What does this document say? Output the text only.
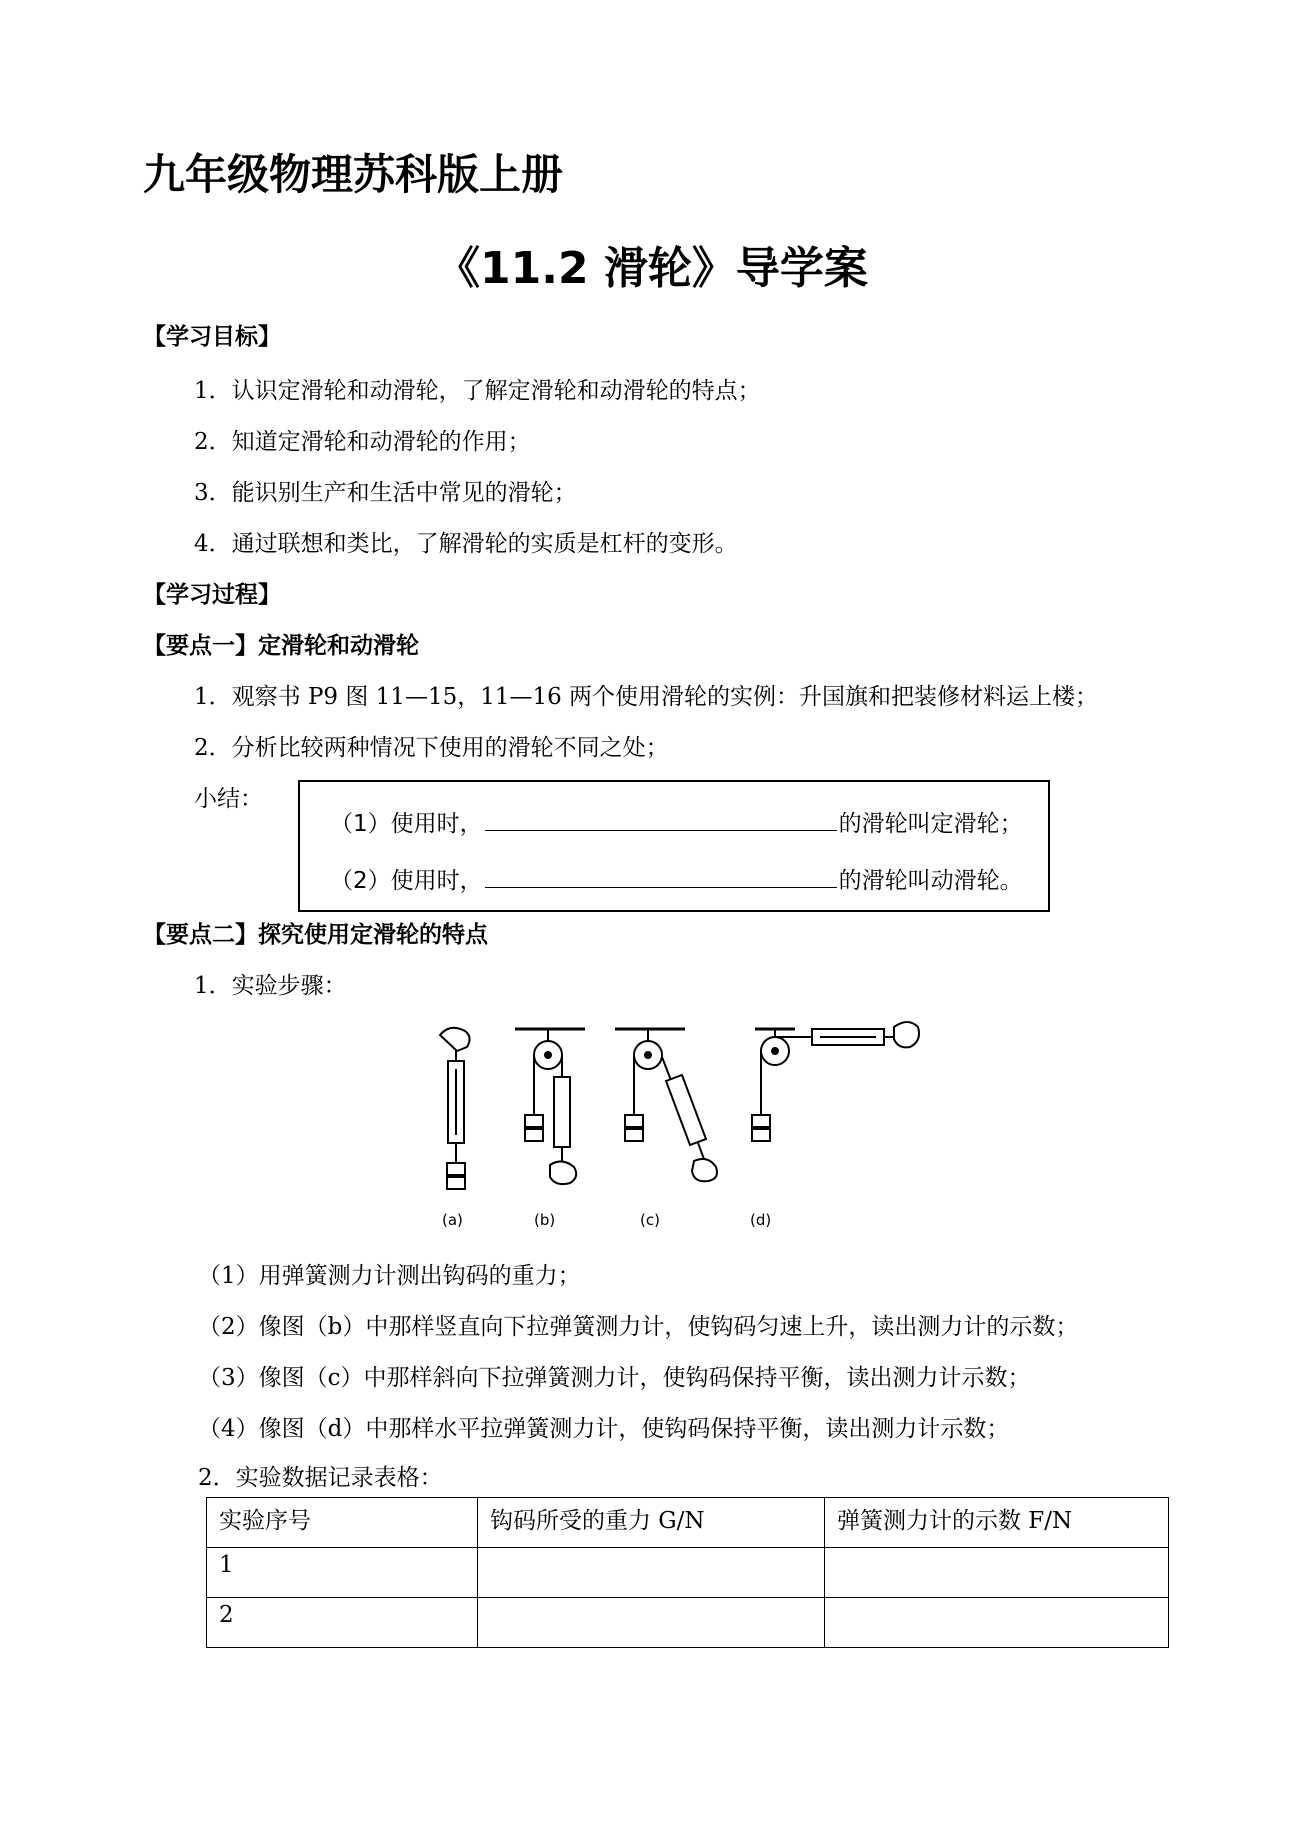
九年级物理苏科版上册
《11.2 滑轮》导学案
【学习目标】
1．认识定滑轮和动滑轮，了解定滑轮和动滑轮的特点；
2．知道定滑轮和动滑轮的作用；
3．能识别生产和生活中常见的滑轮；
4．通过联想和类比，了解滑轮的实质是杠杆的变形。
【学习过程】
【要点一】定滑轮和动滑轮
1．观察书 P9 图 11—15，11—16 两个使用滑轮的实例：升国旗和把装修材料运上楼；
2．分析比较两种情况下使用的滑轮不同之处；
小结：
（1）使用时，	的滑轮叫定滑轮；
（2）使用时，	的滑轮叫动滑轮。
【要点二】探究使用定滑轮的特点
1．实验步骤：
(a)	(b)	(c)	(d)
（1）用弹簧测力计测出钩码的重力；
（2）像图（b）中那样竖直向下拉弹簧测力计，使钩码匀速上升，读出测力计的示数；
（3）像图（c）中那样斜向下拉弹簧测力计，使钩码保持平衡，读出测力计示数；
（4）像图（d）中那样水平拉弹簧测力计，使钩码保持平衡，读出测力计示数；
2．实验数据记录表格：
实验序号	钩码所受的重力 G/N	弹簧测力计的示数 F/N
1		
2		
